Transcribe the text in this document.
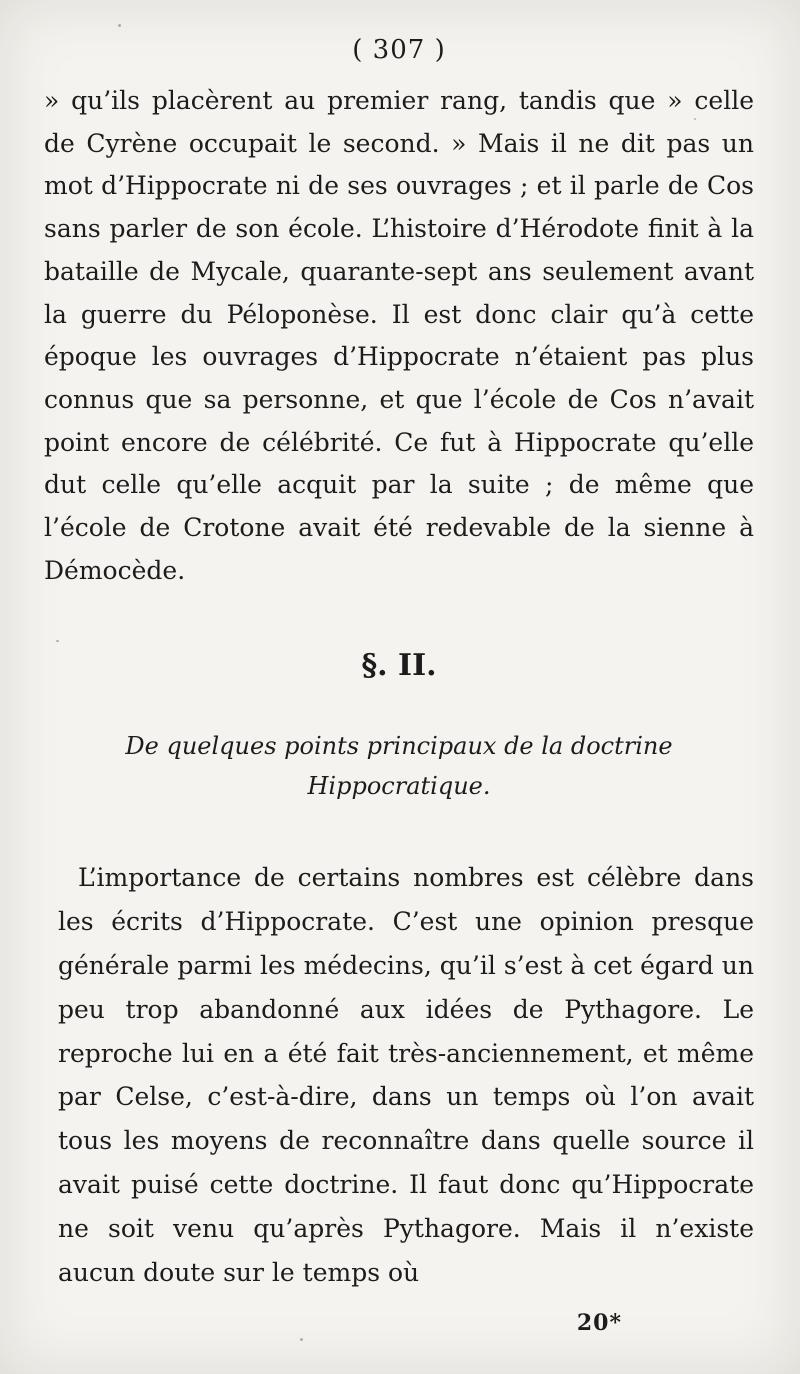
( 307 )

» qu’ils placèrent au premier rang, tandis que » celle de Cyrène occupait le second. » Mais il ne dit pas un mot d’Hippocrate ni de ses ouvrages ; et il parle de Cos sans parler de son école. L’histoire d’Hérodote finit à la bataille de Mycale, quarante-sept ans seulement avant la guerre du Péloponèse. Il est donc clair qu’à cette époque les ouvrages d’Hippocrate n’étaient pas plus connus que sa personne, et que l’école de Cos n’avait point encore de célébrité. Ce fut à Hippocrate qu’elle dut celle qu’elle acquit par la suite ; de même que l’école de Crotone avait été redevable de la sienne à Démocède.

§. II.
De quelques points principaux de la doctrine Hippocratique.

L’importance de certains nombres est célèbre dans les écrits d’Hippocrate. C’est une opinion presque générale parmi les médecins, qu’il s’est à cet égard un peu trop abandonné aux idées de Pythagore. Le reproche lui en a été fait très-anciennement, et même par Celse, c’est-à-dire, dans un temps où l’on avait tous les moyens de reconnaître dans quelle source il avait puisé cette doctrine. Il faut donc qu’Hippocrate ne soit venu qu’après Pythagore. Mais il n’existe aucun doute sur le temps où

20*
